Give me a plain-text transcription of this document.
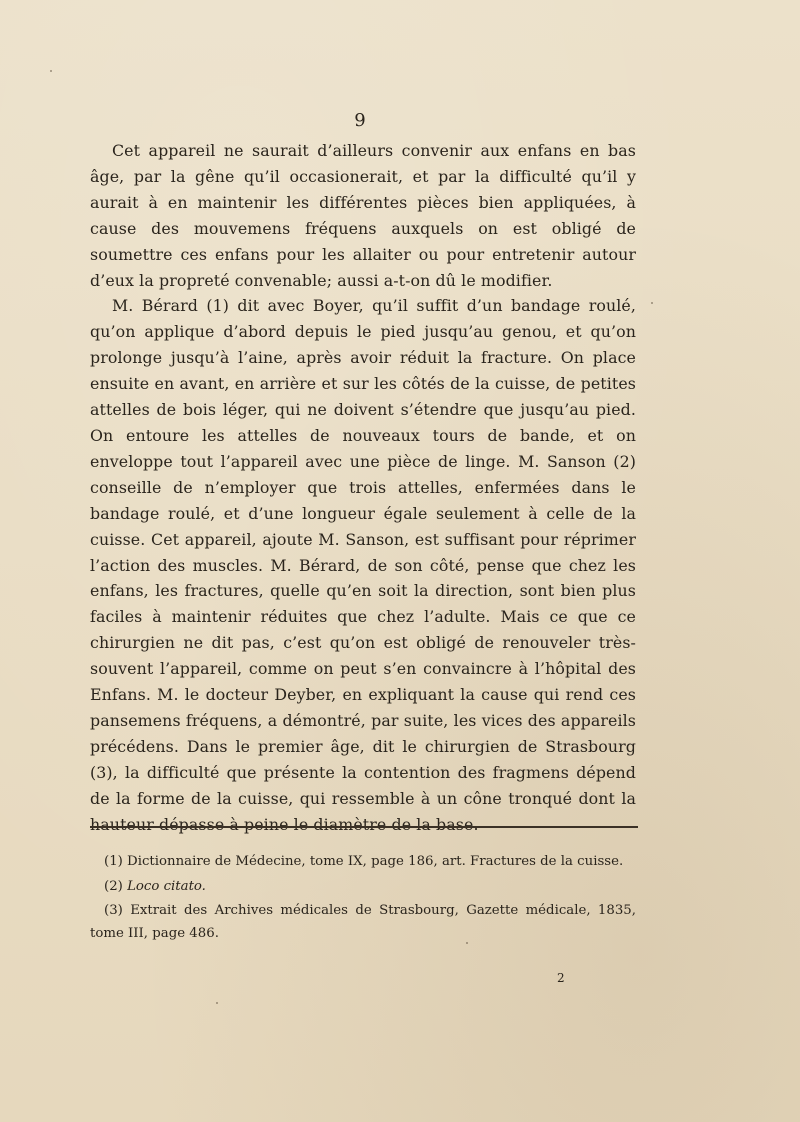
9

Cet appareil ne saurait d’ailleurs convenir aux enfans en bas âge, par la gêne qu’il occasionerait, et par la difficulté qu’il y aurait à en maintenir les différentes pièces bien appliquées, à cause des mouvemens fréquens auxquels on est obligé de soumettre ces enfans pour les allaiter ou pour entretenir autour d’eux la propreté convenable; aussi a-t-on dû le modifier.

M. Bérard (1) dit avec Boyer, qu’il suffit d’un bandage roulé, qu’on applique d’abord depuis le pied jusqu’au genou, et qu’on prolonge jusqu’à l’aine, après avoir réduit la fracture. On place ensuite en avant, en arrière et sur les côtés de la cuisse, de petites attelles de bois léger, qui ne doivent s’étendre que jusqu’au pied. On entoure les attelles de nouveaux tours de bande, et on enveloppe tout l’appareil avec une pièce de linge. M. Sanson (2) conseille de n’employer que trois attelles, enfermées dans le bandage roulé, et d’une longueur égale seulement à celle de la cuisse. Cet appareil, ajoute M. Sanson, est suffisant pour réprimer l’action des muscles. M. Bérard, de son côté, pense que chez les enfans, les fractures, quelle qu’en soit la direction, sont bien plus faciles à maintenir réduites que chez l’adulte. Mais ce que ce chirurgien ne dit pas, c’est qu’on est obligé de renouveler très-souvent l’appareil, comme on peut s’en convaincre à l’hôpital des Enfans. M. le docteur Deyber, en expliquant la cause qui rend ces pansemens fréquens, a démontré, par suite, les vices des appareils précédens. Dans le premier âge, dit le chirurgien de Strasbourg (3), la difficulté que présente la contention des fragmens dépend de la forme de la cuisse, qui ressemble à un cône tronqué dont la hauteur dépasse à peine le diamètre de la base.

(1) Dictionnaire de Médecine, tome IX, page 186, art. Fractures de la cuisse.

(2) Loco citato.

(3) Extrait des Archives médicales de Strasbourg, Gazette médicale, 1835, tome III, page 486.

2
